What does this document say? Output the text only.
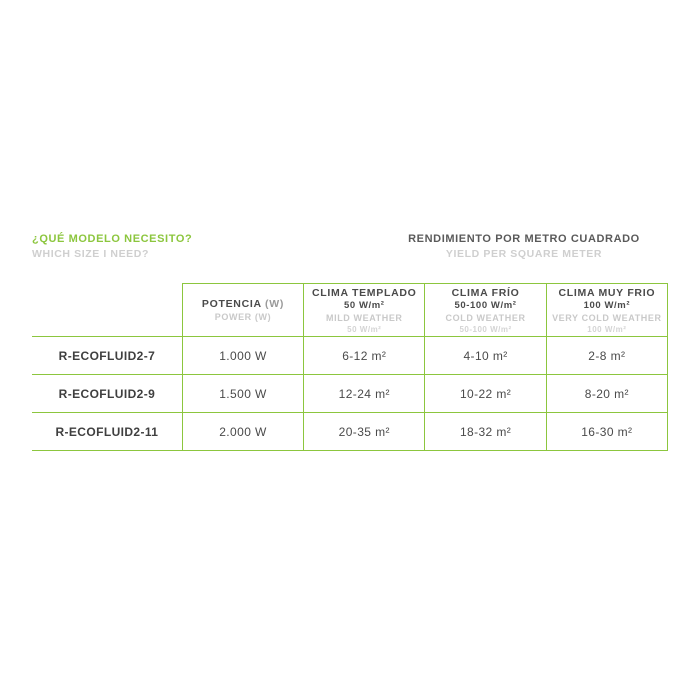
¿QUÉ MODELO NECESITO?
WHICH SIZE I NEED?
RENDIMIENTO POR METRO CUADRADO
YIELD PER SQUARE METER

POTENCIA (W)
POWER (W)

CLIMA TEMPLADO
50 W/m²
MILD WEATHER
50 W/m²

CLIMA FRÍO
50-100 W/m²
COLD WEATHER
50-100 W/m²

CLIMA MUY FRIO
100 W/m²
VERY COLD WEATHER
100 W/m²

R-ECOFLUID2-7	1.000 W	6-12 m²	4-10 m²	2-8 m²

R-ECOFLUID2-9	1.500 W	12-24 m²	10-22 m²	8-20 m²

R-ECOFLUID2-11	2.000 W	20-35 m²	18-32 m²	16-30 m²
